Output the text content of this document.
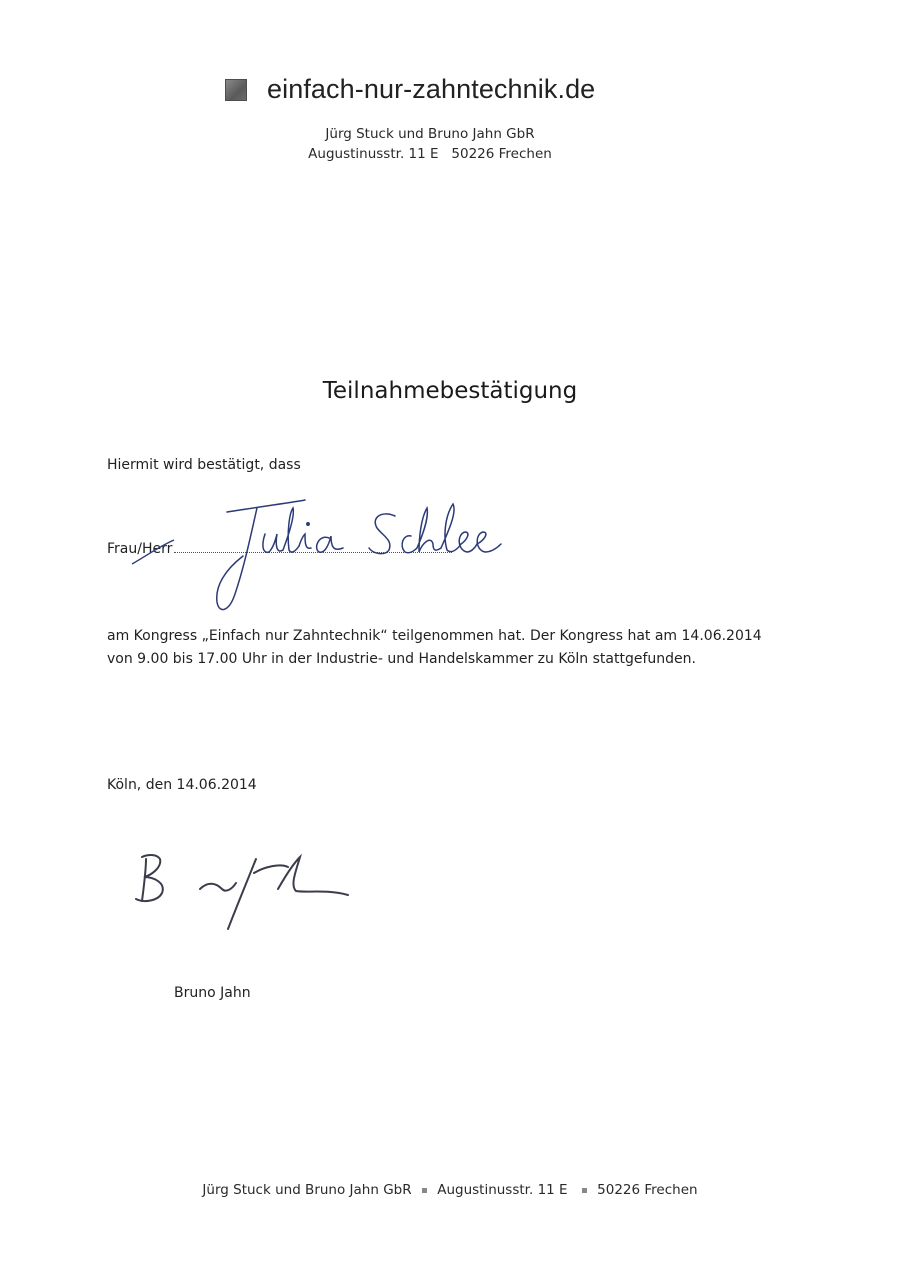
einfach-nur-zahntechnik.de
Jürg Stuck und Bruno Jahn GbR
Augustinusstr. 11 E   50226 Frechen
Teilnahmebestätigung
Hiermit wird bestätigt, dass
Frau/Herr
am Kongress „Einfach nur Zahntechnik“ teilgenommen hat. Der Kongress hat am 14.06.2014
von 9.00 bis 17.00 Uhr in der Industrie- und Handelskammer zu Köln stattgefunden.
Köln, den 14.06.2014
Bruno Jahn
Jürg Stuck und Bruno Jahn GbR Augustinusstr. 11 E 50226 Frechen
